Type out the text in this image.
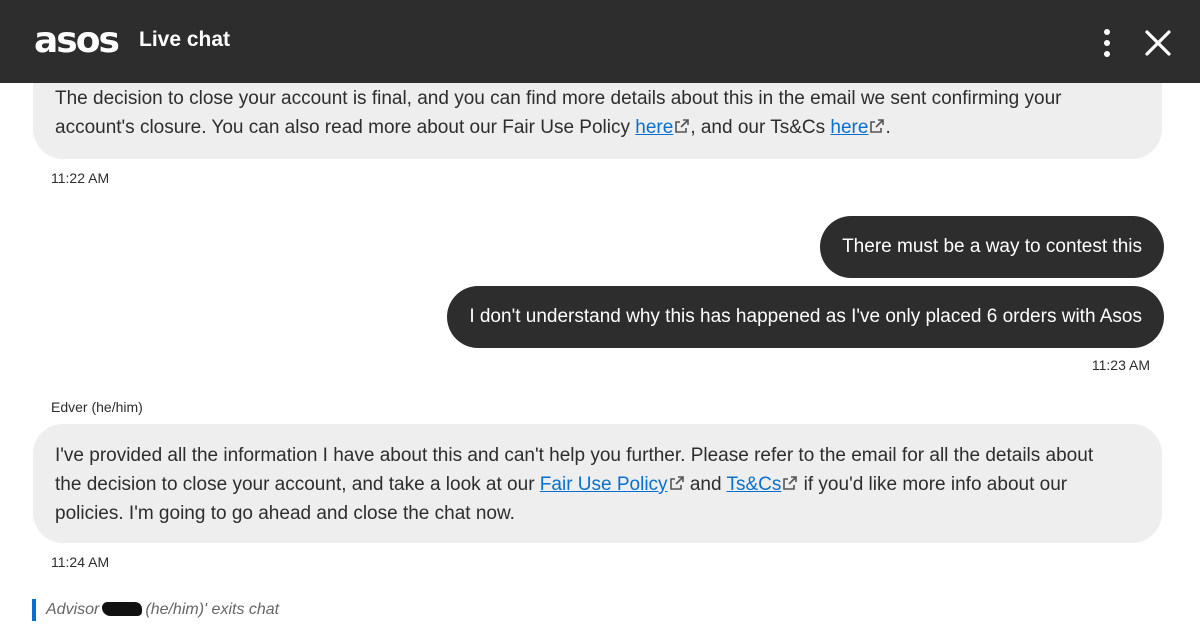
asos Live chat
The decision to close your account is final, and you can find more details about this in the email we sent confirming your
account's closure. You can also read more about our Fair Use Policy here , and our Ts&Cs here .
11:22 AM
There must be a way to contest this
I don't understand why this has happened as I've only placed 6 orders with Asos
11:23 AM
Edver (he/him)
I've provided all the information I have about this and can't help you further. Please refer to the email for all the details about
the decision to close your account, and take a look at our Fair Use Policy and Ts&Cs if you'd like more info about our
policies. I'm going to go ahead and close the chat now.
11:24 AM
Advisor	(he/him)' exits chat
